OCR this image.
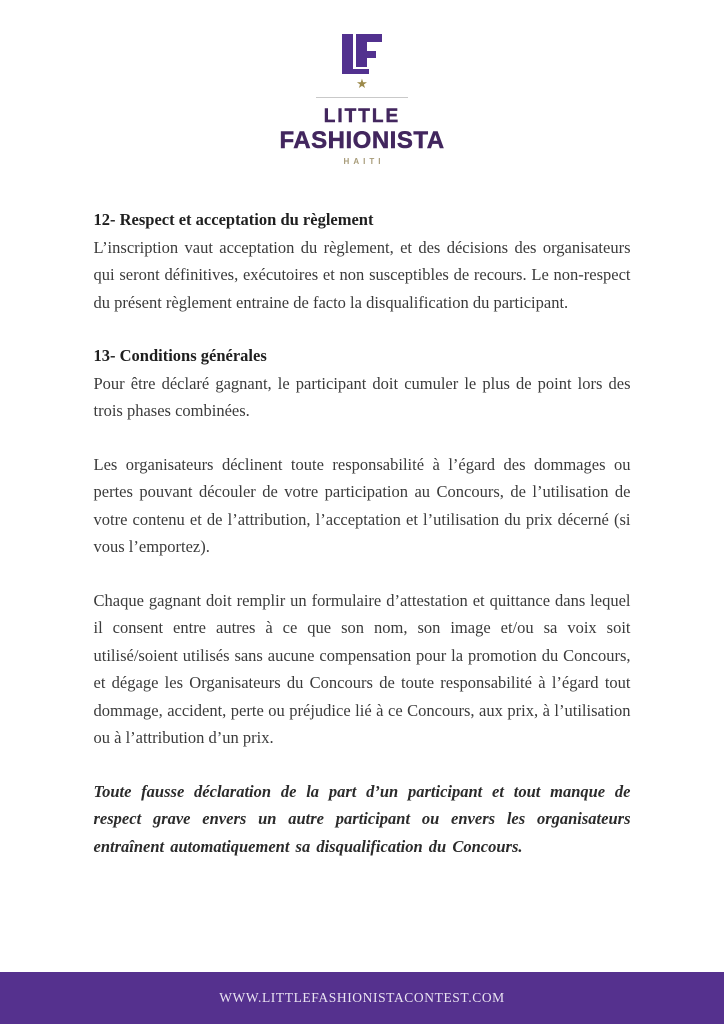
★
LITTLE
FASHIONISTA
HAITI
12- Respect et acceptation du règlement

L’inscription vaut acceptation du règlement, et des décisions des organisateurs qui seront définitives, exécutoires et non susceptibles de recours. Le non-respect du présent règlement entraine de facto la disqualification du participant.

13- Conditions générales

Pour être déclaré gagnant, le participant doit cumuler le plus de point lors des trois phases combinées.

Les organisateurs déclinent toute responsabilité à l’égard des dommages ou pertes pouvant découler de votre participation au Concours, de l’utilisation de votre contenu et de l’attribution, l’acceptation et l’utilisation du prix décerné (si vous l’emportez).

Chaque gagnant doit remplir un formulaire d’attestation et quittance dans lequel il consent entre autres à ce que son nom, son image et/ou sa voix soit utilisé/soient utilisés sans aucune compensation pour la promotion du Concours, et dégage les Organisateurs du Concours de toute responsabilité à l’égard tout dommage, accident, perte ou préjudice lié à ce Concours, aux prix, à l’utilisation ou à l’attribution d’un prix.

Toute fausse déclaration de la part d’un participant et tout manque de respect grave envers un autre participant ou envers les organisateurs entraînent automatiquement sa disqualification du Concours.

WWW.LITTLEFASHIONISTACONTEST.COM
